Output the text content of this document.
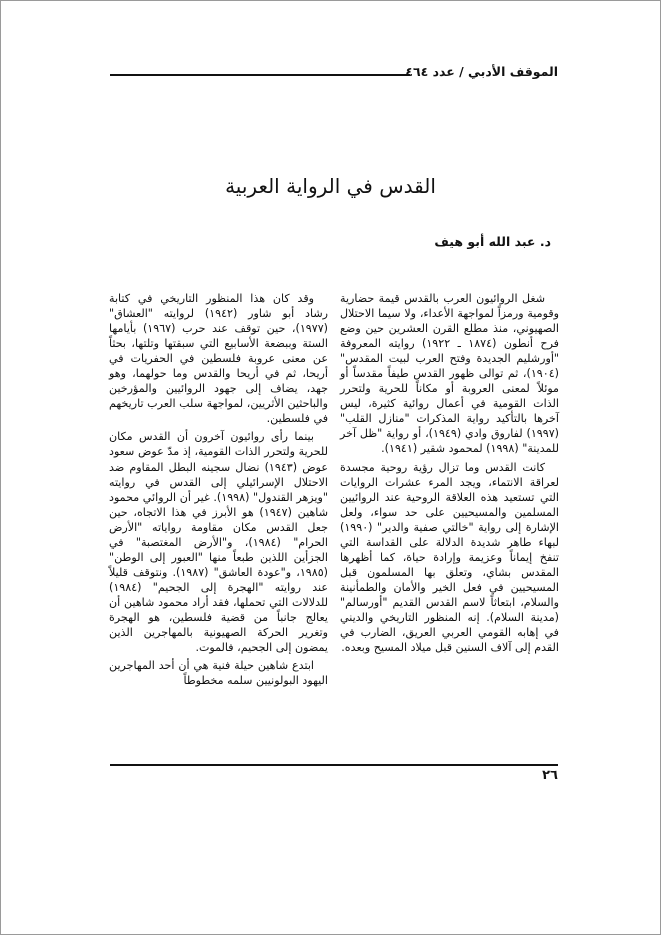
الموقف الأدبي / عدد ٤٦٤
القدس في الرواية العربية
د. عبد الله أبو هيف

شغل الروائيون العرب بالقدس قيمة حضارية وقومية ورمزاً لمواجهة الأعداء، ولا سيما الاحتلال الصهيوني، منذ مطلع القرن العشرين حين وضع فرح أنطون (١٨٧٤ ـ ١٩٢٢) روايته المعروفة "أورشليم الجديدة وفتح العرب لبيت المقدس" (١٩٠٤)، ثم توالى ظهور القدس طيفاً مقدساً أو موئلاً لمعنى العروبة أو مكاناً للحرية ولتحرر الذات القومية في أعمال روائية كثيرة، ليس آخرها بالتأكيد رواية المذكرات "منازل القلب" (١٩٩٧) لفاروق وادي (١٩٤٩)، أو رواية "ظل آخر للمدينة" (١٩٩٨) لمحمود شقير (١٩٤١).

كانت القدس وما تزال رؤية روحية مجسدة لعراقة الانتماء، ويجد المرء عشرات الروايات التي تستعيد هذه العلاقة الروحية عند الروائيين المسلمين والمسيحيين على حد سواء، ولعل الإشارة إلى رواية "خالتي صفية والدير" (١٩٩٠) لبهاء طاهر شديدة الدلالة على القداسة التي تنفخ إيماناً وعزيمة وإرادة حياة، كما أظهرها المقدس بشاي، وتعلق بها المسلمون قبل المسيحيين في فعل الخير والأمان والطمأنينة والسلام، ابتعاثاً لاسم القدس القديم "أورسالم" (مدينة السلام). إنه المنظور التاريخي والديني في إهابه القومي العربي العريق، الضارب في القدم إلى آلاف السنين قبل ميلاد المسيح وبعده.

وقد كان هذا المنظور التاريخي في كتابة رشاد أبو شاور (١٩٤٢) لروايته "العشاق" (١٩٧٧)، حين توقف عند حرب (١٩٦٧) بأيامها الستة وببضعة الأسابيع التي سبقتها وتلتها، بحثاً عن معنى عروبة فلسطين في الحفريات في أريحا، ثم في أريحا والقدس وما حولهما، وهو جهد، يضاف إلى جهود الروائيين والمؤرخين والباحثين الأثريين، لمواجهة سلب العرب تاريخهم في فلسطين.

بينما رأى روائيون آخرون أن القدس مكان للحرية ولتحرر الذات القومية، إذ مدّ عوض سعود عوض (١٩٤٣) نضال سجينه البطل المقاوم ضد الاحتلال الإسرائيلي إلى القدس في روايته "ويزهر القندول" (١٩٩٨). غير أن الروائي محمود شاهين (١٩٤٧) هو الأبرز في هذا الاتجاه، حين جعل القدس مكان مقاومة رواياته "الأرض الحرام" (١٩٨٤)، و"الأرض المغتصبة" في الجزأين اللذين طبعاً منها "العبور إلى الوطن" (١٩٨٥، و"عودة العاشق" (١٩٨٧). ونتوقف قليلاً عند روايته "الهجرة إلى الجحيم" (١٩٨٤) للدلالات التي تحملها، فقد أراد محمود شاهين أن يعالج جانباً من قضية فلسطين، هو الهجرة وتغرير الحركة الصهيونية بالمهاجرين الذين يمضون إلى الجحيم، فالموت.

ابتدع شاهين حيلة فنية هي أن أحد المهاجرين اليهود البولونيين سلمه مخطوطاً

٢٦
